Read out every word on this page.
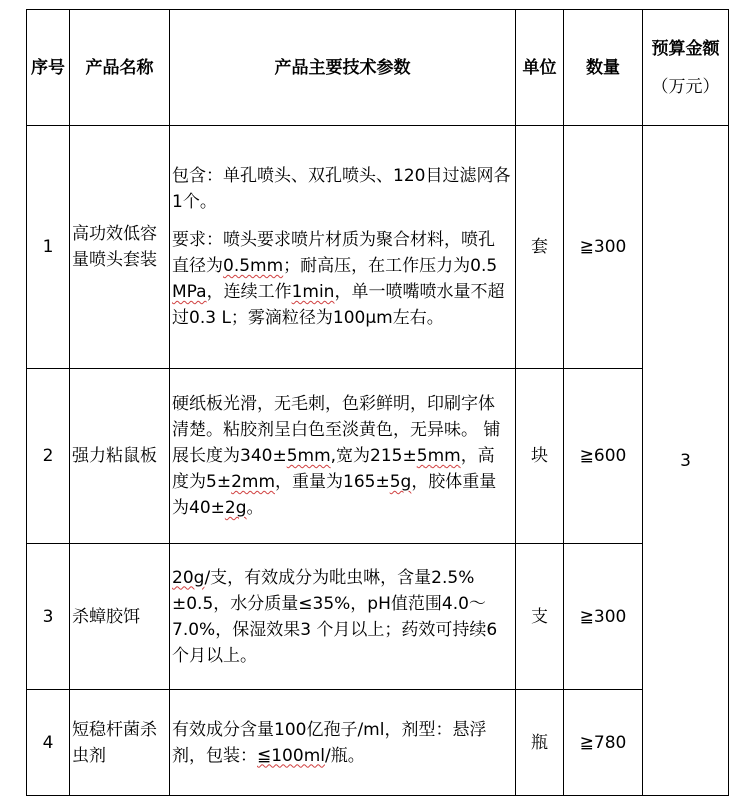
序号	产品名称	产品主要技术参数	单位	数量	预算金额
（万元）

1	高功效低容量喷头套装	包含：单孔喷头、双孔喷头、120目过滤网各1个。

要求：喷头要求喷片材质为聚合材料，喷孔直径为0.5mm；耐高压，在工作压力为0.5 MPa，连续工作1min，单一喷嘴喷水量不超过0.3 L；雾滴粒径为100μm左右。	套	≧300	3
2	强力粘鼠板	硬纸板光滑，无毛刺，色彩鲜明，印刷字体清楚。粘胶剂呈白色至淡黄色，无异味。 铺展长度为340±5mm,宽为215±5mm，高度为5±2mm，重量为165±5g，胶体重量为40±2g。	块	≧600	
3	杀蟑胶饵	20g/支，有效成分为吡虫啉，含量2.5%±0.5，水分质量≤35%，pH值范围4.0～7.0%，保湿效果3 个月以上；药效可持续6 个月以上。	支	≧300	
4	短稳杆菌杀虫剂	有效成分含量100亿孢子/ml，剂型：悬浮剂，包装：≦100ml/瓶。	瓶	≧780	
